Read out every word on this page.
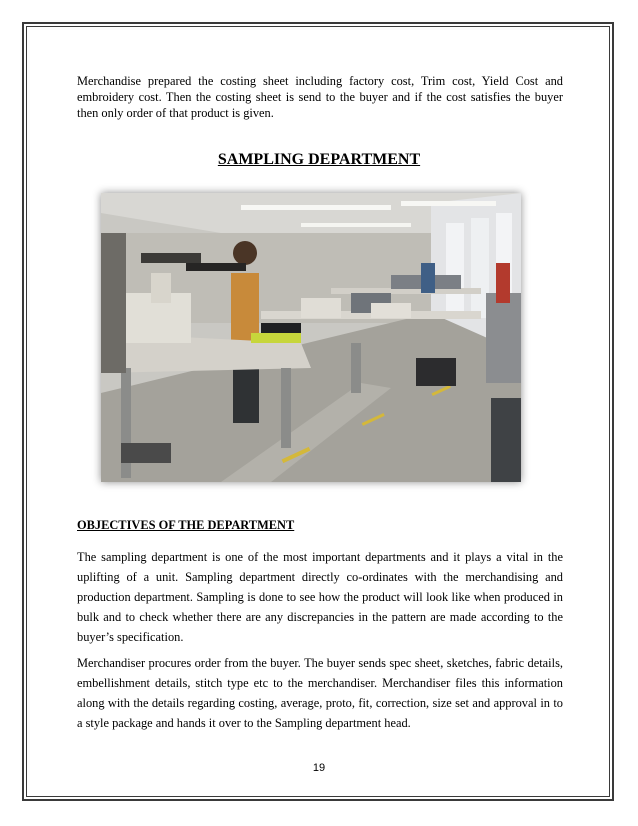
Merchandise prepared the costing sheet including factory cost, Trim cost, Yield Cost and embroidery cost. Then the costing sheet is send to the buyer and if the cost satisfies the buyer then only order of that product is given.

SAMPLING DEPARTMENT
OBJECTIVES OF THE DEPARTMENT

The sampling department is one of the most important departments and it plays a vital in the uplifting of a unit. Sampling department directly co-ordinates with the merchandising and production department. Sampling is done to see how the product will look like when produced in bulk and to check whether there are any discrepancies in the pattern are made according to the buyer’s specification.

Merchandiser procures order from the buyer. The buyer sends spec sheet, sketches, fabric details, embellishment details, stitch type etc to the merchandiser. Merchandiser files this information along with the details regarding costing, average, proto, fit, correction, size set and approval in to a style package and hands it over to the Sampling department head.

19
